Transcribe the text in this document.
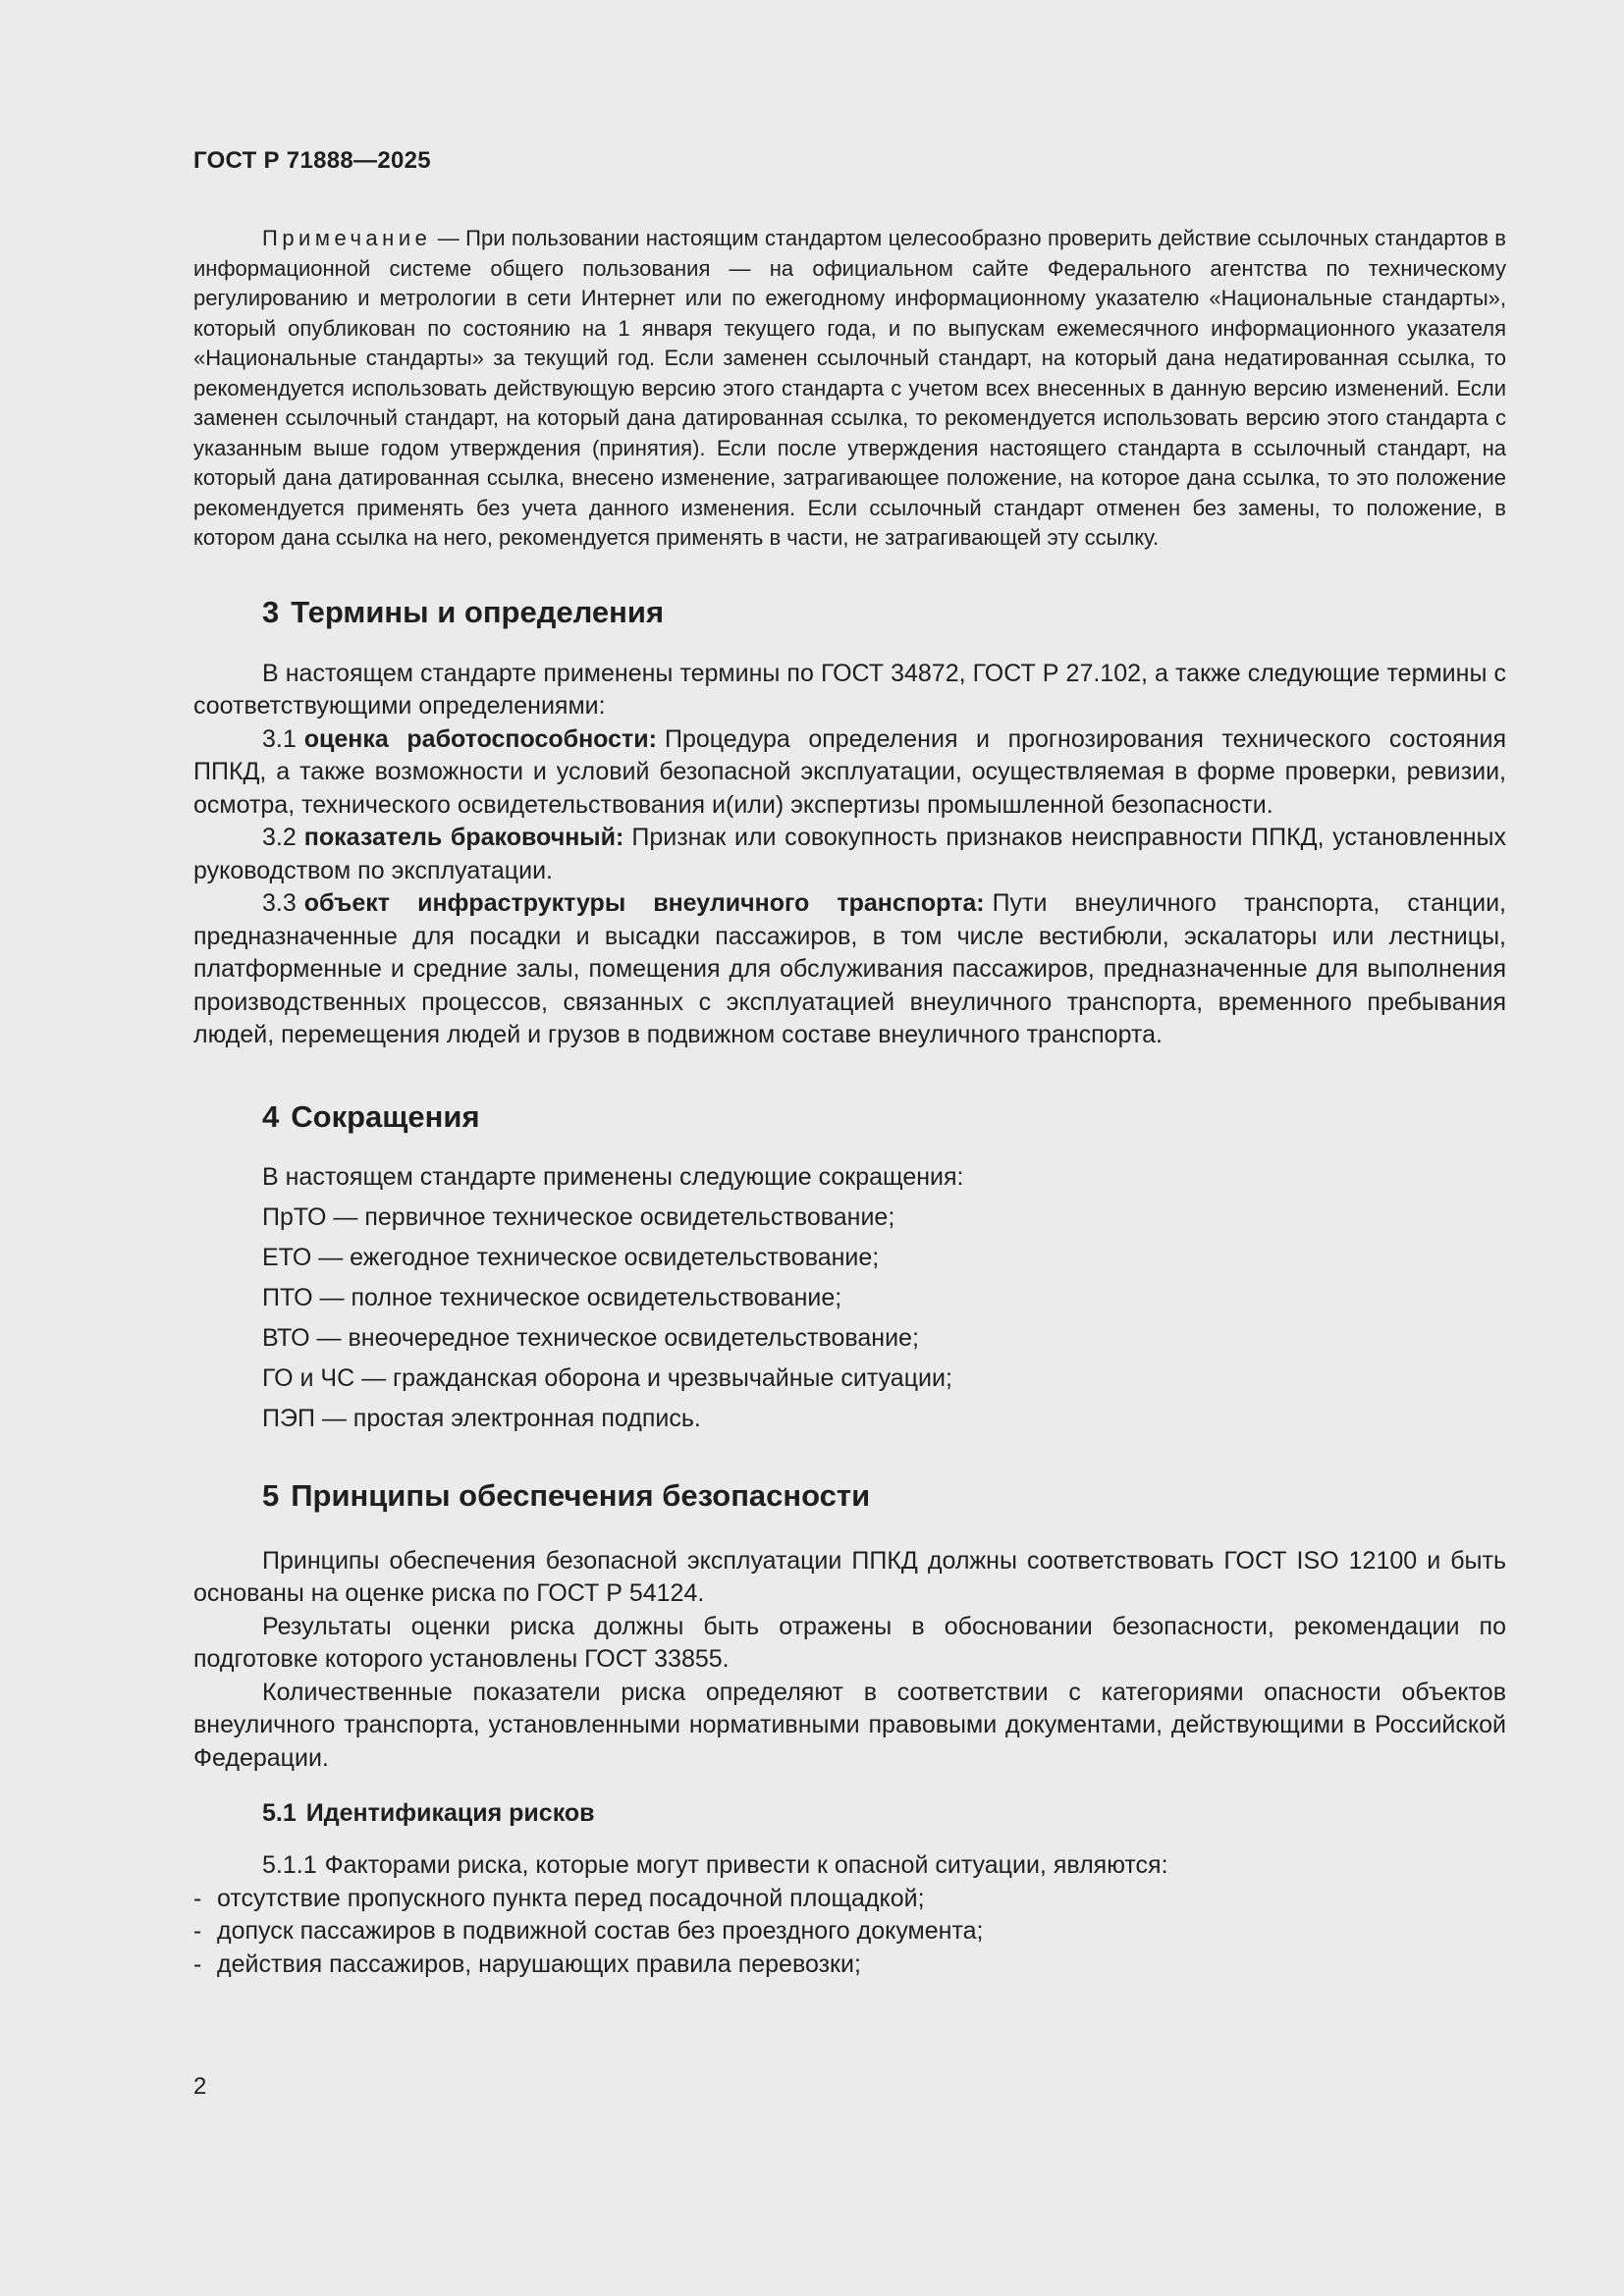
ГОСТ Р 71888—2025

Примечание — При пользовании настоящим стандартом целесообразно проверить действие ссылочных стандартов в информационной системе общего пользования — на официальном сайте Федерального агентства по техническому регулированию и метрологии в сети Интернет или по ежегодному информационному указателю «Национальные стандарты», который опубликован по состоянию на 1 января текущего года, и по выпускам ежемесячного информационного указателя «Национальные стандарты» за текущий год. Если заменен ссылочный стандарт, на который дана недатированная ссылка, то рекомендуется использовать действующую версию этого стандарта с учетом всех внесенных в данную версию изменений. Если заменен ссылочный стандарт, на который дана датированная ссылка, то рекомендуется использовать версию этого стандарта с указанным выше годом утверждения (принятия). Если после утверждения настоящего стандарта в ссылочный стандарт, на который дана датированная ссылка, внесено изменение, затрагивающее положение, на которое дана ссылка, то это положение рекомендуется применять без учета данного изменения. Если ссылочный стандарт отменен без замены, то положение, в котором дана ссылка на него, рекомендуется применять в части, не затрагивающей эту ссылку.

3 Термины и определения

В настоящем стандарте применены термины по ГОСТ 34872, ГОСТ Р 27.102, а также следующие термины с соответствующими определениями:

3.1 оценка работоспособности: Процедура определения и прогнозирования технического состояния ППКД, а также возможности и условий безопасной эксплуатации, осуществляемая в форме проверки, ревизии, осмотра, технического освидетельствования и(или) экспертизы промышленной безопасности.

3.2 показатель браковочный: Признак или совокупность признаков неисправности ППКД, установленных руководством по эксплуатации.

3.3 объект инфраструктуры внеуличного транспорта: Пути внеуличного транспорта, станции, предназначенные для посадки и высадки пассажиров, в том числе вестибюли, эскалаторы или лестницы, платформенные и средние залы, помещения для обслуживания пассажиров, предназначенные для выполнения производственных процессов, связанных с эксплуатацией внеуличного транспорта, временного пребывания людей, перемещения людей и грузов в подвижном составе внеуличного транспорта.

4 Сокращения
В настоящем стандарте применены следующие сокращения:
ПрТО — первичное техническое освидетельствование;
ЕТО — ежегодное техническое освидетельствование;
ПТО — полное техническое освидетельствование;
ВТО — внеочередное техническое освидетельствование;
ГО и ЧС — гражданская оборона и чрезвычайные ситуации;
ПЭП — простая электронная подпись.
5 Принципы обеспечения безопасности

Принципы обеспечения безопасной эксплуатации ППКД должны соответствовать ГОСТ ISO 12100 и быть основаны на оценке риска по ГОСТ Р 54124.

Результаты оценки риска должны быть отражены в обосновании безопасности, рекомендации по подготовке которого установлены ГОСТ 33855.

Количественные показатели риска определяют в соответствии с категориями опасности объектов внеуличного транспорта, установленными нормативными правовыми документами, действующими в Российской Федерации.

5.1 Идентификация рисков

5.1.1 Факторами риска, которые могут привести к опасной ситуации, являются:

- отсутствие пропускного пункта перед посадочной площадкой;
- допуск пассажиров в подвижной состав без проездного документа;
- действия пассажиров, нарушающих правила перевозки;
2
